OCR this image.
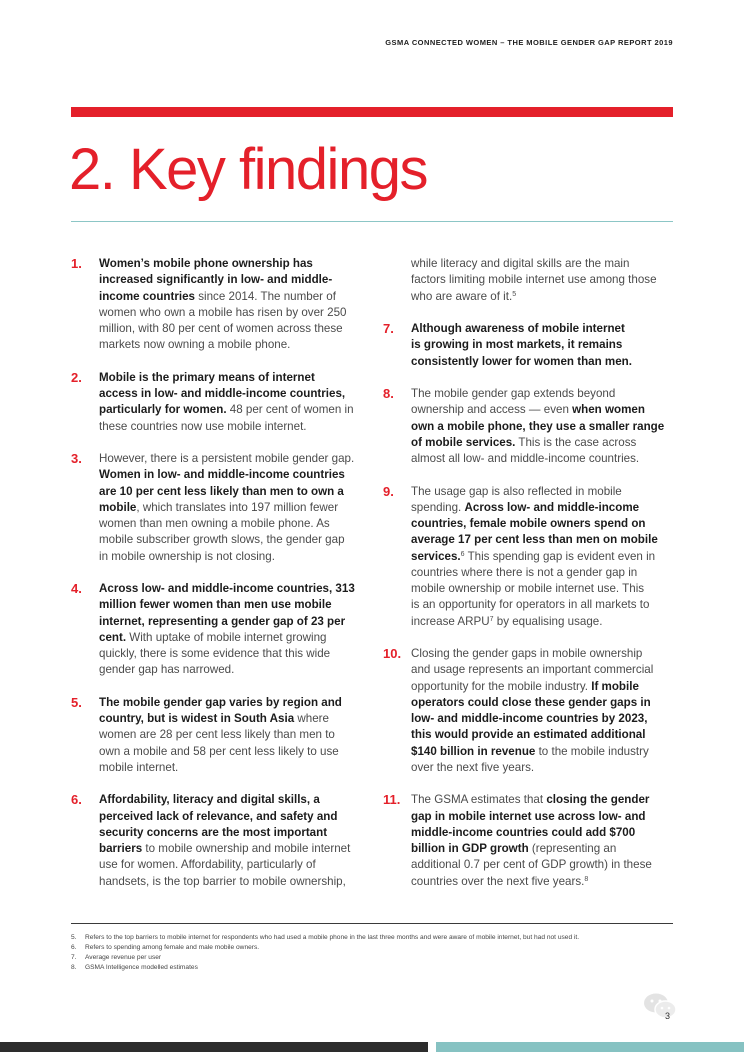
GSMA CONNECTED WOMEN – THE MOBILE GENDER GAP REPORT 2019
2. Key findings
1. Women’s mobile phone ownership has
increased significantly in low- and middle-
income countries since 2014. The number of
women who own a mobile has risen by over 250
million, with 80 per cent of women across these
markets now owning a mobile phone.
2. Mobile is the primary means of internet
access in low- and middle-income countries,
particularly for women. 48 per cent of women in
these countries now use mobile internet.
3. However, there is a persistent mobile gender gap.
Women in low- and middle-income countries
are 10 per cent less likely than men to own a
mobile, which translates into 197 million fewer
women than men owning a mobile phone. As
mobile subscriber growth slows, the gender gap
in mobile ownership is not closing.
4. Across low- and middle-income countries, 313
million fewer women than men use mobile
internet, representing a gender gap of 23 per
cent. With uptake of mobile internet growing
quickly, there is some evidence that this wide
gender gap has narrowed.
5. The mobile gender gap varies by region and
country, but is widest in South Asia where
women are 28 per cent less likely than men to
own a mobile and 58 per cent less likely to use
mobile internet.
6. Affordability, literacy and digital skills, a
perceived lack of relevance, and safety and
security concerns are the most important
barriers to mobile ownership and mobile internet
use for women. Affordability, particularly of
handsets, is the top barrier to mobile ownership,
while literacy and digital skills are the main
factors limiting mobile internet use among those
who are aware of it.$^5$
7. Although awareness of mobile internet
is growing in most markets, it remains
consistently lower for women than men.
8. The mobile gender gap extends beyond
ownership and access — even when women
own a mobile phone, they use a smaller range
of mobile services. This is the case across
almost all low- and middle-income countries.
9. The usage gap is also reflected in mobile
spending. Across low- and middle-income
countries, female mobile owners spend on
average 17 per cent less than men on mobile
services.$^6$ This spending gap is evident even in
countries where there is not a gender gap in
mobile ownership or mobile internet use. This
is an opportunity for operators in all markets to
increase ARPU$^7$ by equalising usage.
10. Closing the gender gaps in mobile ownership
and usage represents an important commercial
opportunity for the mobile industry. If mobile
operators could close these gender gaps in
low- and middle-income countries by 2023,
this would provide an estimated additional
$140 billion in revenue to the mobile industry
over the next five years.
11. The GSMA estimates that closing the gender
gap in mobile internet use across low- and
middle-income countries could add $700
billion in GDP growth (representing an
additional 0.7 per cent of GDP growth) in these
countries over the next five years.$^8$
5. Refers to the top barriers to mobile internet for respondents who had used a mobile phone in the last three months and were aware of mobile internet, but had not used it.
6. Refers to spending among female and male mobile owners.
7. Average revenue per user
8. GSMA Intelligence modelled estimates
3
